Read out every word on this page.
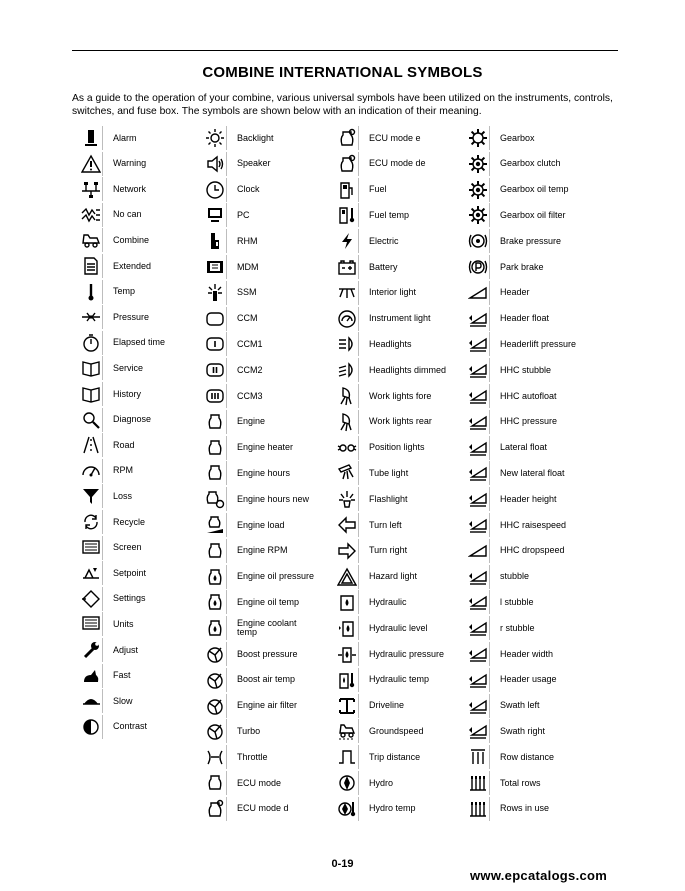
COMBINE INTERNATIONAL SYMBOLS

As a guide to the operation of your combine, various universal symbols have been utilized on the instruments, controls, switches, and fuse box. The symbols are shown below with an indication of their meaning.

Alarm
Warning
Network
No can
Combine
Extended
Temp
Pressure
Elapsed time
Service
History
Diagnose
Road
RPM
Loss
Recycle
Screen
Setpoint
Settings
Units
Adjust
Fast
Slow
Contrast
Backlight
Speaker
Clock
PC
RHM
MDM
SSM
CCM
CCM1
CCM2
CCM3
Engine
Engine heater
Engine hours
Engine hours new
Engine load
Engine RPM
Engine oil pressure
Engine oil temp
Engine coolant temp
Boost pressure
Boost air temp
Engine air filter
Turbo
Throttle
ECU mode
ECU mode d
ECU mode e
ECU mode de
Fuel
Fuel temp
Electric
Battery
Interior light
Instrument light
Headlights
Headlights dimmed
Work lights fore
Work lights rear
Position lights
Tube light
Flashlight
Turn left
Turn right
Hazard light
Hydraulic
Hydraulic level
Hydraulic pressure
Hydraulic temp
Driveline
Groundspeed
Trip distance
Hydro
Hydro temp
Gearbox
Gearbox clutch
Gearbox oil temp
Gearbox oil filter
Brake pressure
Park brake
Header
Header float
Headerlift pressure
HHC stubble
HHC autofloat
HHC pressure
Lateral float
New lateral float
Header height
HHC raisespeed
HHC dropspeed
stubble
l stubble
r stubble
Header width
Header usage
Swath left
Swath right
Row distance
Total rows
Rows in use
0-19
www.epcatalogs.com
